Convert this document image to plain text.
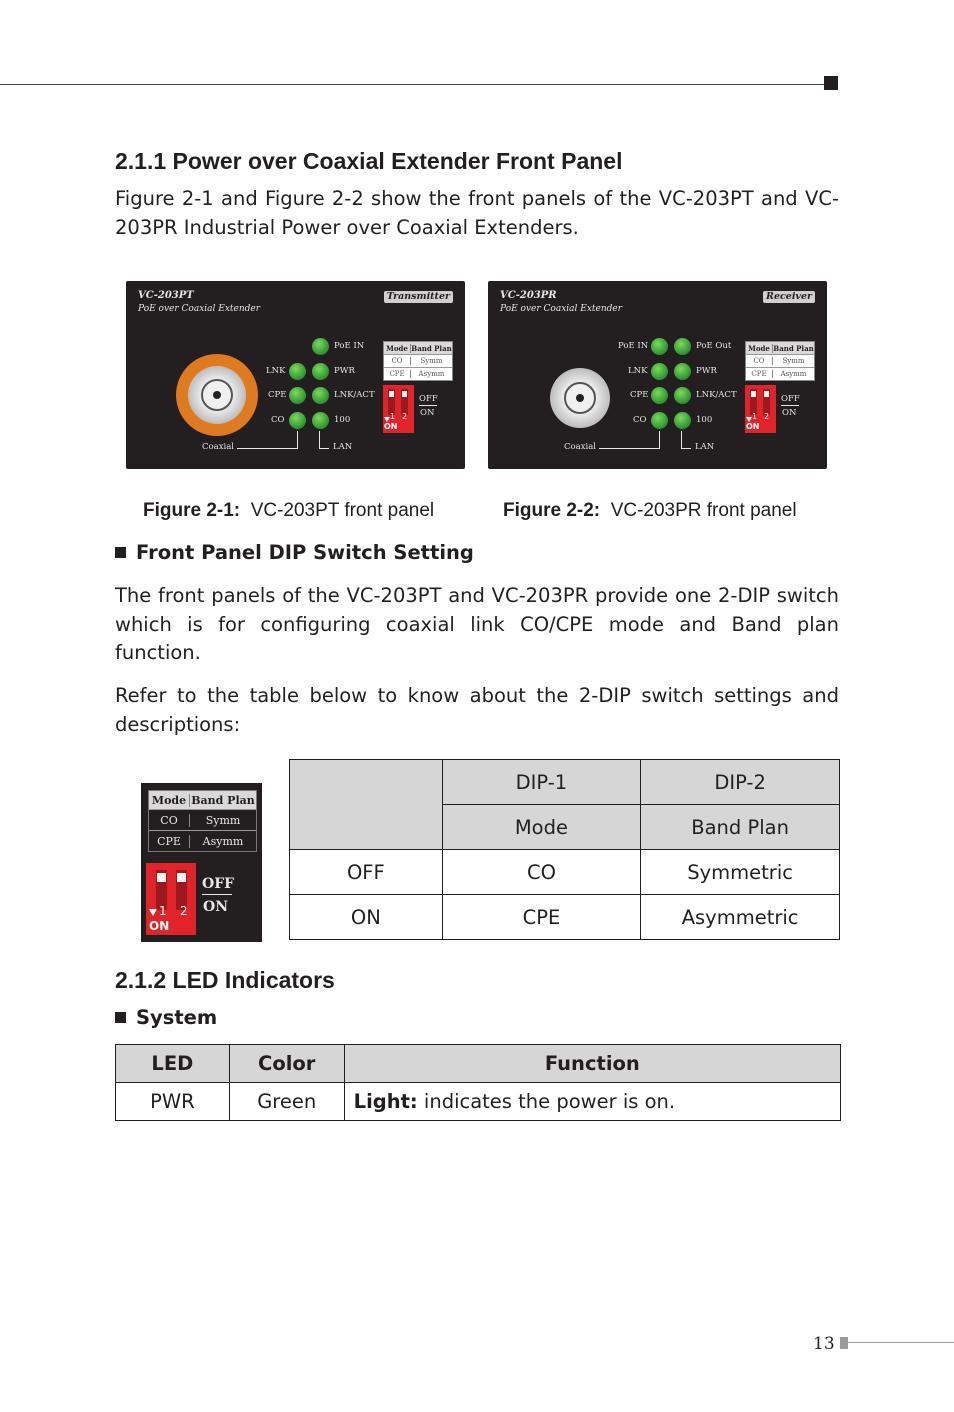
2.1.1 Power over Coaxial Extender Front Panel
Figure 2-1 and Figure 2-2 show the front panels of the VC-203PT and VC-203PR Industrial Power over Coaxial Extenders.
VC-203PT
PoE over Coaxial Extender
Transmitter
PoE IN
LNK	PWR
CPE	LNK/ACT
CO	100
Coaxial	LAN
Mode Band Plan
CO	Symm
CPE	Asymm
1 2
ON
OFF
ON
VC-203PR
PoE over Coaxial Extender
Receiver
PoE IN	PoE Out
LNK	PWR
CPE	LNK/ACT
CO	100
Coaxial	LAN
Mode Band Plan
CO	Symm
CPE	Asymm
1 2
ON
OFF
ON
Figure 2-1: VC-203PT front panel	Figure 2-2: VC-203PR front panel
Front Panel DIP Switch Setting
The front panels of the VC-203PT and VC-203PR provide one 2-DIP switch which is for configuring coaxial link CO/CPE mode and Band plan function.
Refer to the table below to know about the 2-DIP switch settings and descriptions:
Mode Band Plan
CO	Symm
CPE	Asymm
1 2
ON
OFF
ON
	DIP-1	DIP-2
	Mode	Band Plan
OFF	CO	Symmetric
ON	CPE	Asymmetric
2.1.2 LED Indicators
System
LED	Color	Function
PWR	Green	Light: indicates the power is on.
13
